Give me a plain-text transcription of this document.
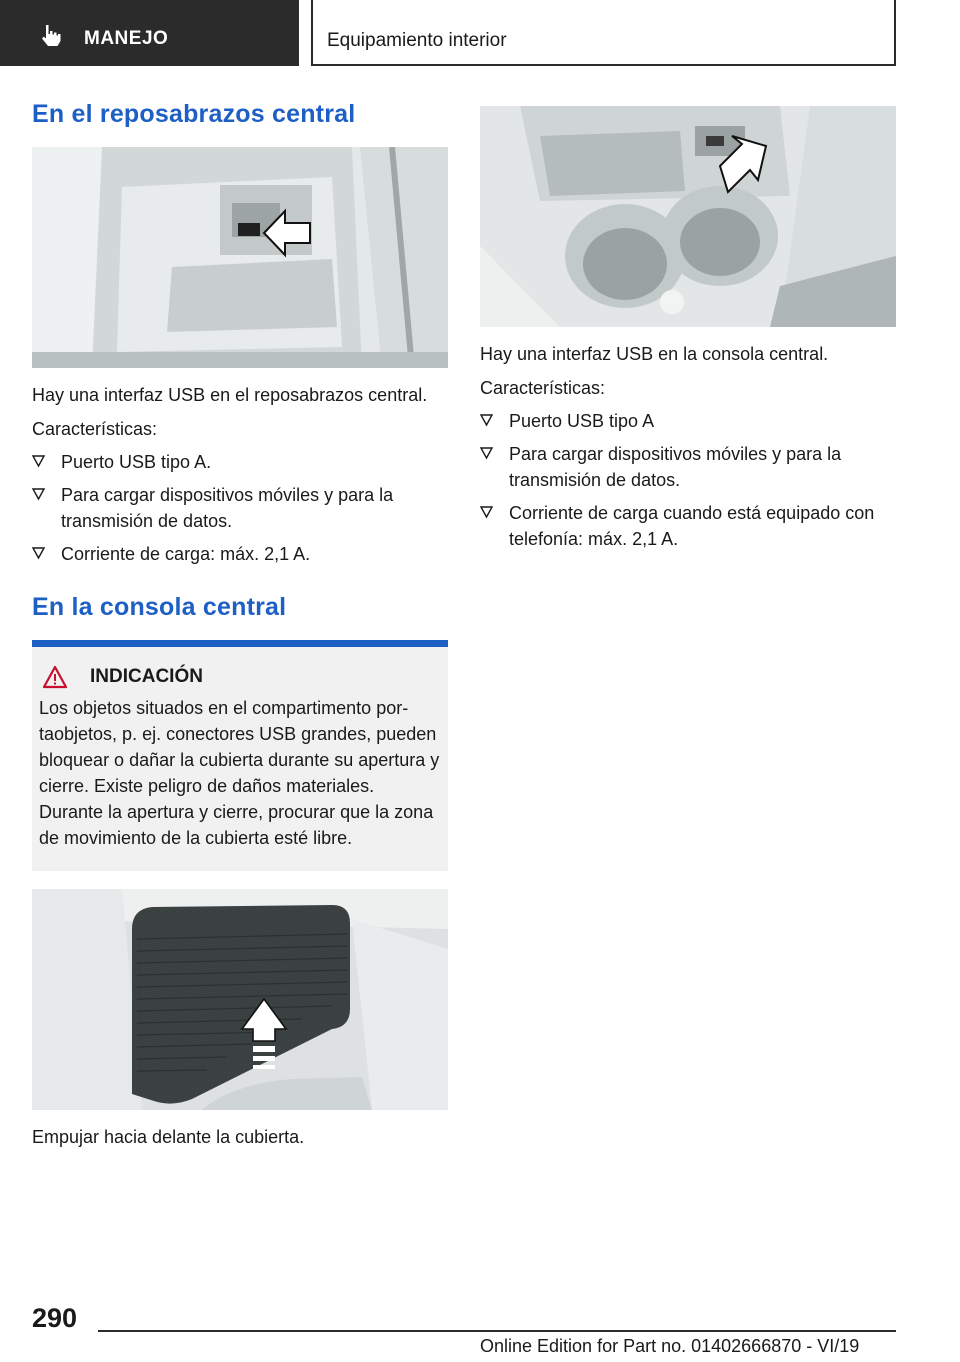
MANEJO	Equipamiento interior
En el reposabrazos central

Hay una interfaz USB en el reposabrazos central.

Características:

Puerto USB tipo A.
Para cargar dispositivos móviles y para la transmisión de datos.
Corriente de carga: máx. 2,1 A.
En la consola central
INDICACIÓN

Los objetos situados en el compartimento portaobjetos, p. ej. conectores USB grandes, pueden bloquear o dañar la cubierta durante su apertura y cierre. Existe peligro de daños materiales. Durante la apertura y cierre, procurar que la zona de movimiento de la cubierta esté libre.

Empujar hacia delante la cubierta.

Hay una interfaz USB en la consola central.

Características:

Puerto USB tipo A
Para cargar dispositivos móviles y para la transmisión de datos.
Corriente de carga cuando está equipado con telefonía: máx. 2,1 A.
290
Online Edition for Part no. 01402666870 - VI/19
